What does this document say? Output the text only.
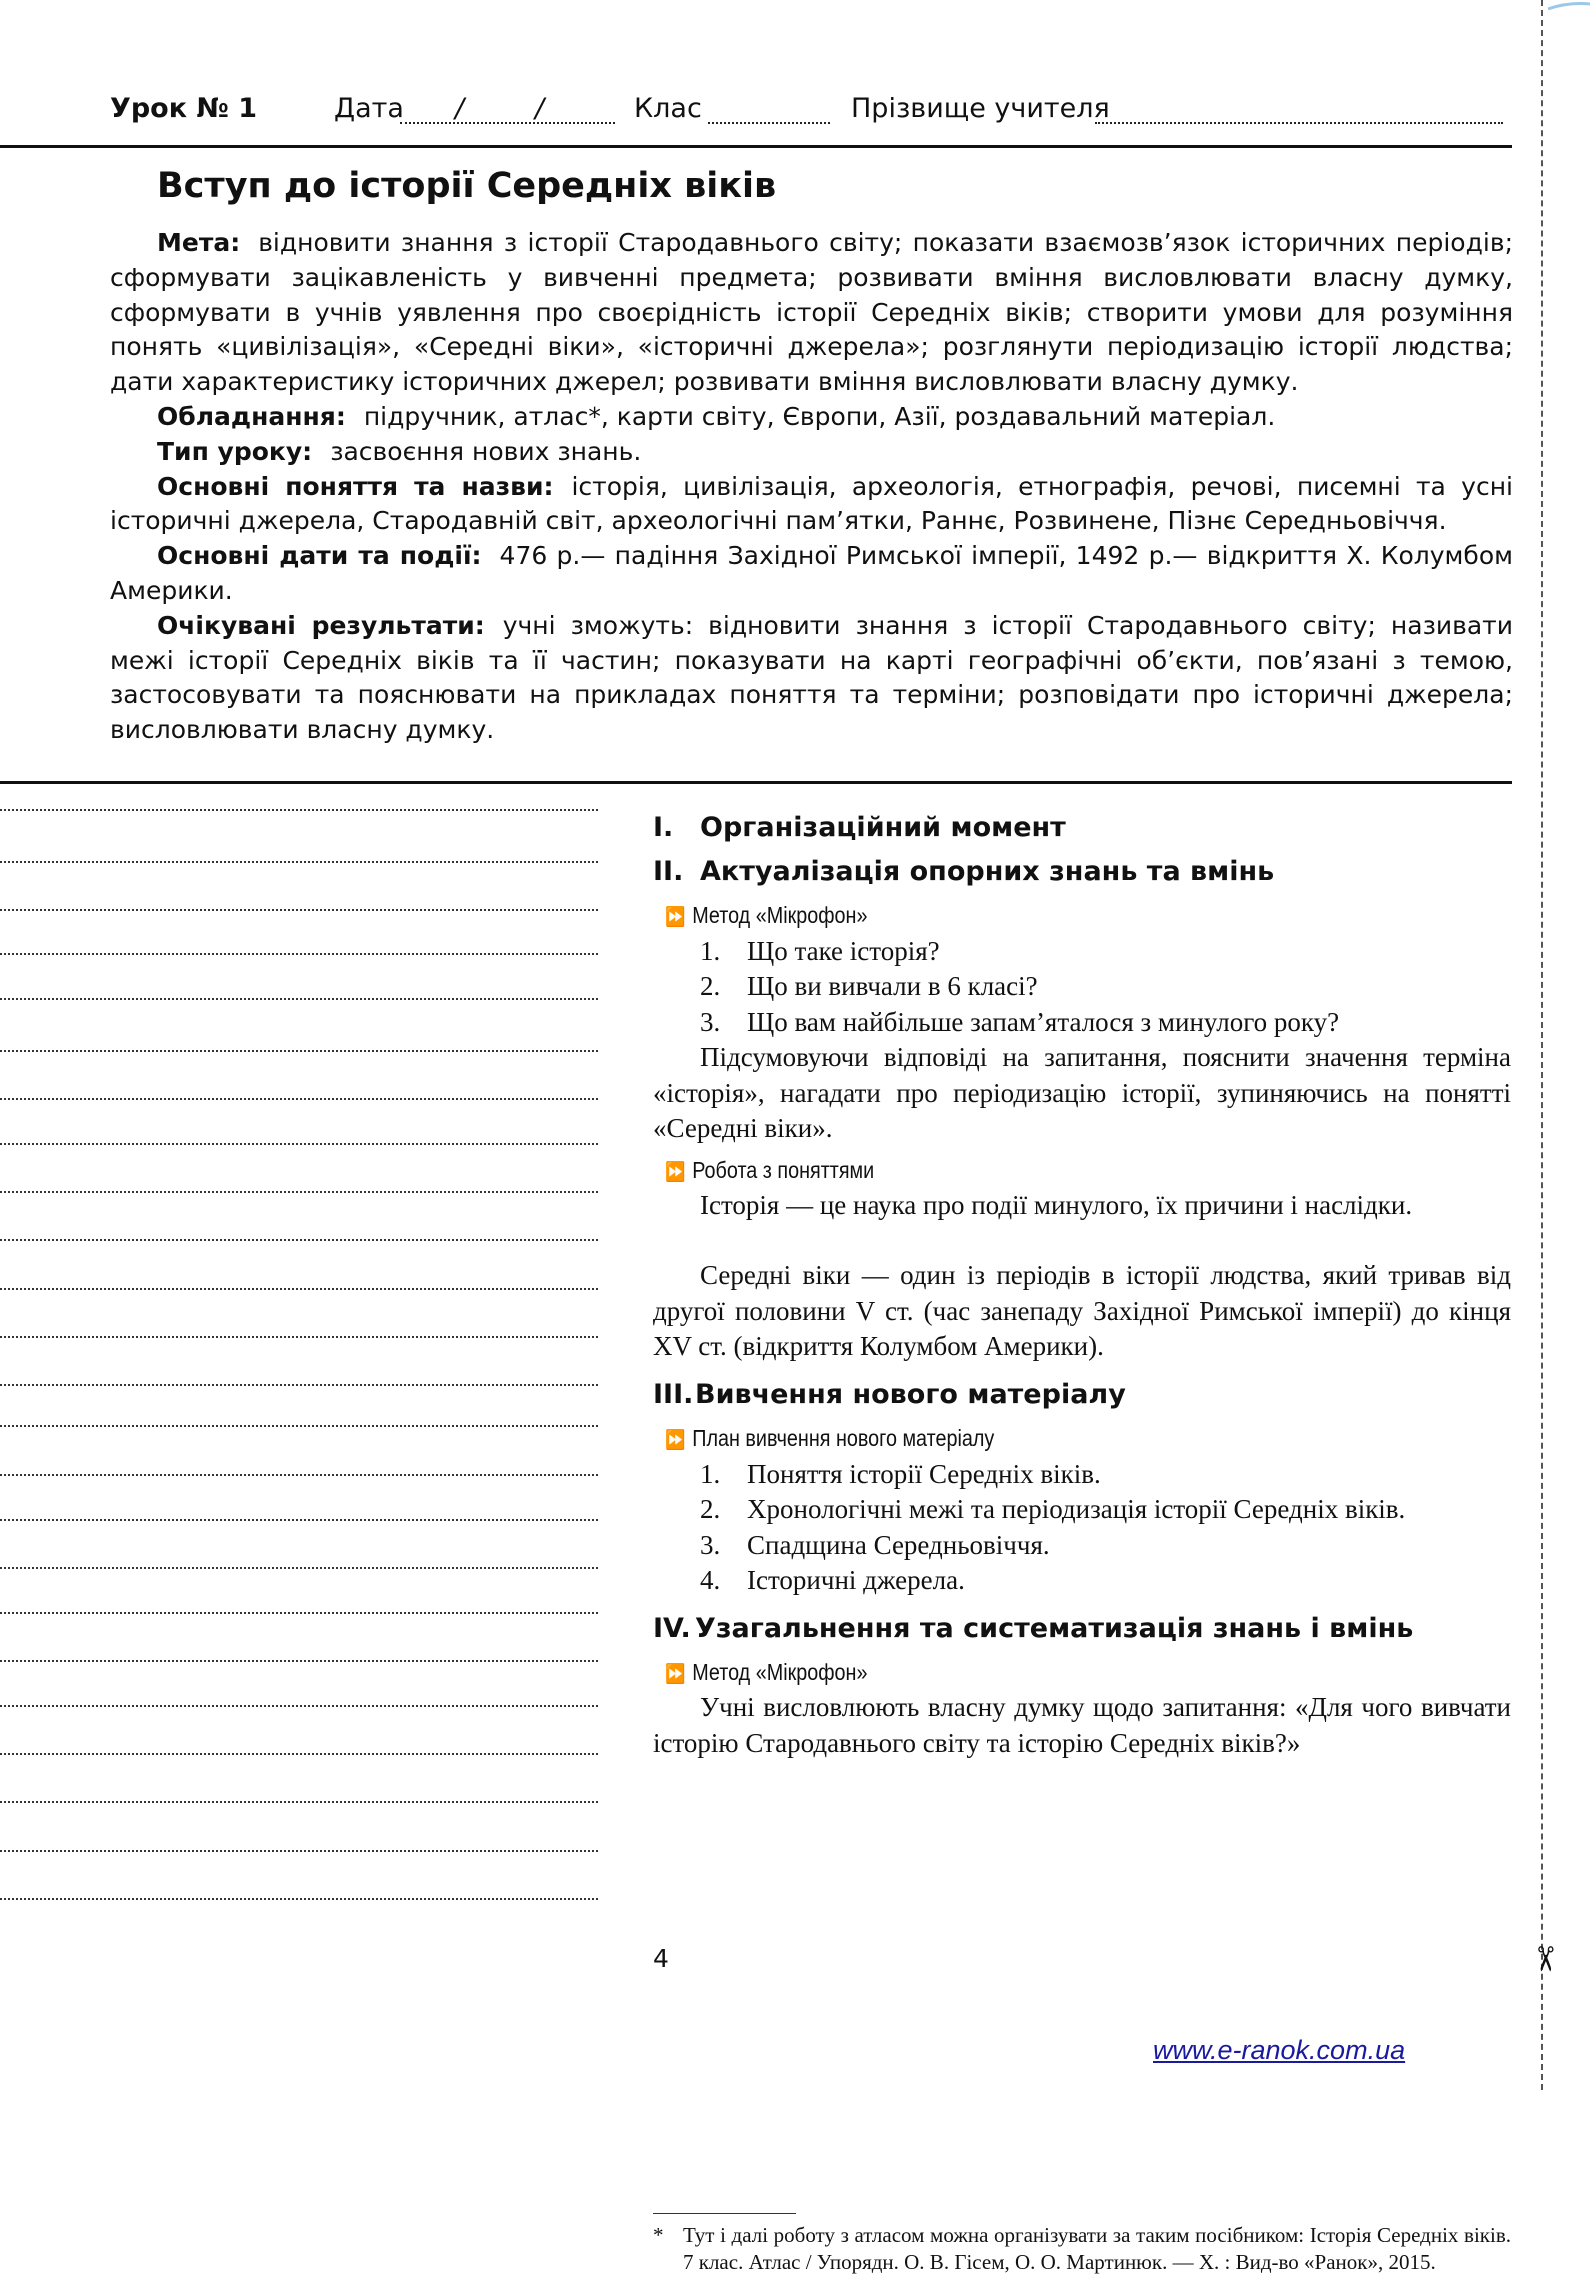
Урок № 1	Дата /	/	Клас	Прізвище учителя
Вступ до історії Середніх віків

Мета: відновити знання з історії Стародавнього світу; показати взаємозв’язок історичних періодів; сформувати зацікавленість у вивченні предмета; розвивати вміння висловлювати власну думку, сформувати в учнів уявлення про своєрідність історії Середніх віків; створити умови для розуміння понять «цивілізація», «Середні віки», «історичні джерела»; розглянути періодизацію історії людства; дати характеристику історичних джерел; розвивати вміння висловлювати власну думку.

Обладнання: підручник, атлас*, карти світу, Європи, Азії, роздавальний матеріал.

Тип уроку: засвоєння нових знань.

Основні поняття та назви: історія, цивілізація, археологія, етнографія, речові, писемні та усні історичні джерела, Стародавній світ, археологічні пам’ятки, Раннє, Розвинене, Пізнє Середньовіччя.

Основні дати та події: 476 р.— падіння Західної Римської імперії, 1492 р.— відкриття Х. Колумбом Америки.

Очікувані результати: учні зможуть: відновити знання з історії Стародавнього світу; називати межі історії Середніх віків та її частин; показувати на карті географічні об’єкти, пов’язані з темою, застосовувати та пояснювати на прикладах поняття та терміни; розповідати про історичні джерела; висловлювати власну думку.

I. Організаційний момент
II. Актуалізація опорних знань та вмінь
⏩ Метод «Мікрофон»
1. Що таке історія?
2. Що ви вивчали в 6 класі?
3. Що вам найбільше запам’яталося з минулого року?
Підсумовуючи відповіді на запитання, пояснити значення терміна «історія», нагадати про періодизацію історії, зупиняючись на понятті «Середні віки».
⏩ Робота з поняттями
Історія — це наука про події минулого, їх причини і наслідки.
Середні віки — один із періодів в історії людства, який тривав від другої половини V ст. (час занепаду Західної Римської імперії) до кінця XV ст. (відкриття Колумбом Америки).
III.Вивчення нового матеріалу
⏩ План вивчення нового матеріалу
1. Поняття історії Середніх віків.
2. Хронологічні межі та періодизація історії Середніх віків.
3. Спадщина Середньовіччя.
4. Історичні джерела.
IV. Узагальнення та систематизація знань і вмінь
⏩ Метод «Мікрофон»
Учні висловлюють власну думку щодо запитання: «Для чого вивчати історію Стародавнього світу та історію Середніх віків?»
* Тут і далі роботу з атласом можна організувати за таким посібником: Історія Середніх віків. 7 клас. Атлас / Упорядн. О. В. Гісем, О. О. Мартинюк. — Х. : Вид-во «Ранок», 2015.
4
www.e-ranok.com.ua
✂
